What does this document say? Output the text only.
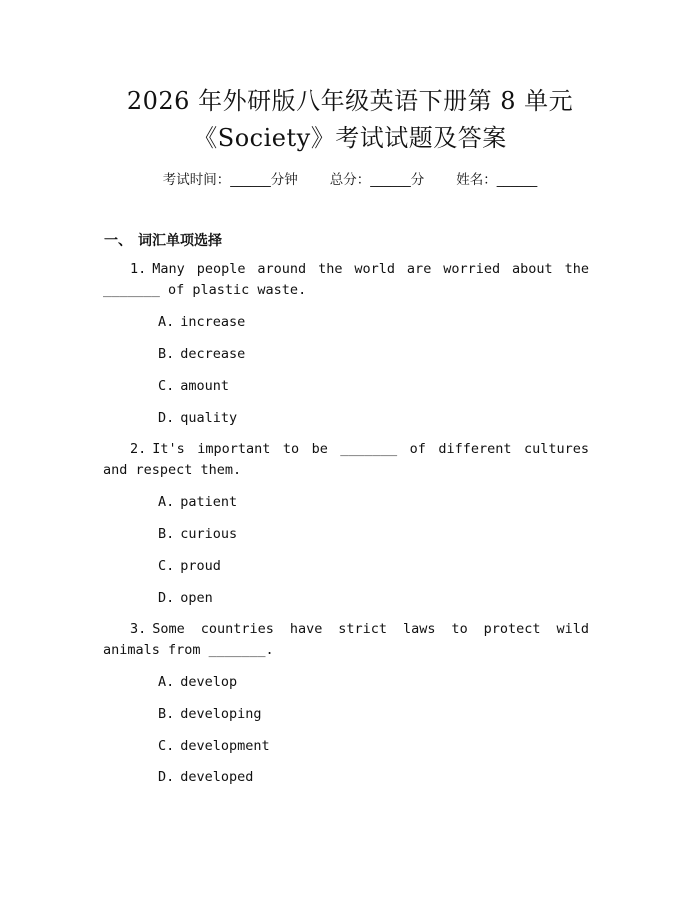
2026 年外研版八年级英语下册第 8 单元
《Society》考试试题及答案
考试时间：______分钟 总分：______分 姓名：______
一、 词汇单项选择
1. Many people around the world are worried about the _______ of plastic waste.
A. increase
B. decrease
C. amount
D. quality
2. It's important to be _______ of different cultures and respect them.
A. patient
B. curious
C. proud
D. open
3. Some countries have strict laws to protect wild animals from _______.
A. develop
B. developing
C. development
D. developed
